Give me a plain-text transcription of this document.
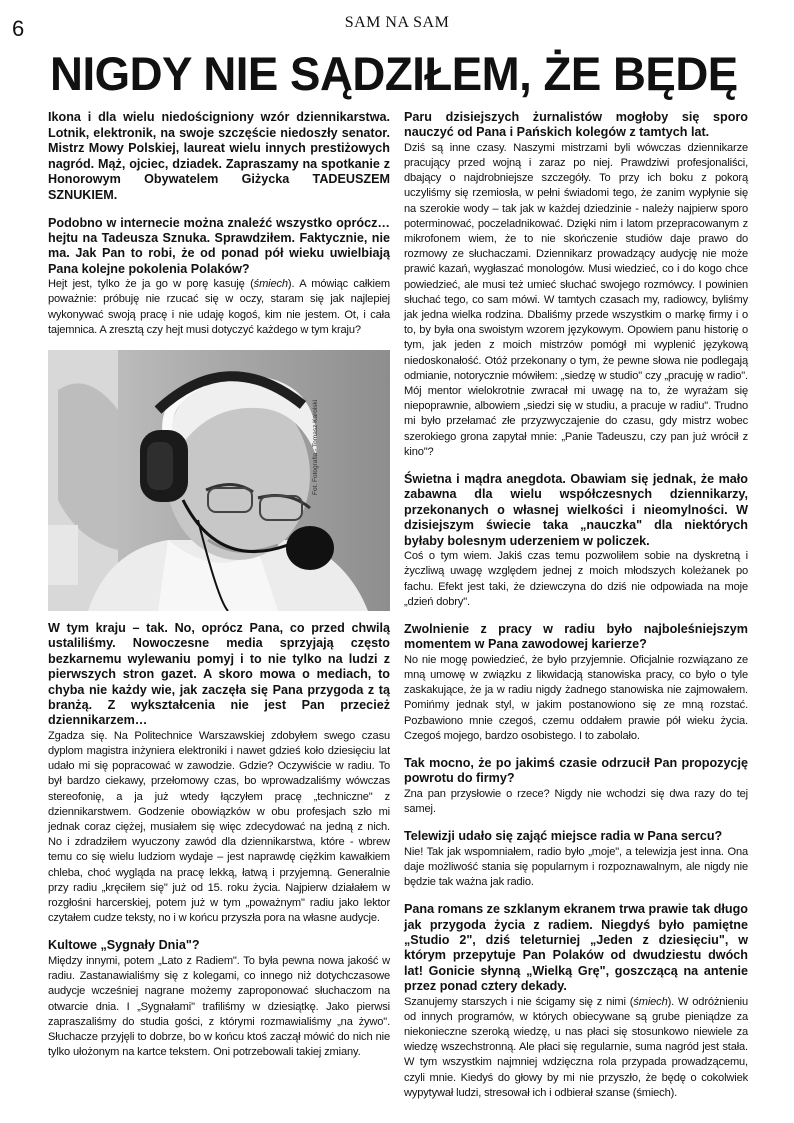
6	SAM NA SAM
NIGDY NIE SĄDZIŁEM, ŻE BĘDĘ

Ikona i dla wielu niedościgniony wzór dziennikarstwa. Lotnik, elektronik, na swoje szczęście niedoszły senator. Mistrz Mowy Polskiej, laureat wielu innych prestiżowych nagród. Mąż, ojciec, dziadek. Zapraszamy na spotkanie z Honorowym Obywatelem Giżycka TADEUSZEM SZNUKIEM.

Podobno w internecie można znaleźć wszystko oprócz… hejtu na Tadeusza Sznuka. Sprawdziłem. Faktycznie, nie ma. Jak Pan to robi, że od ponad pół wieku uwielbiają Pana kolejne pokolenia Polaków?

Hejt jest, tylko że ja go w porę kasuję (śmiech). A mówiąc całkiem poważnie: próbuję nie rzucać się w oczy, staram się jak najlepiej wykonywać swoją pracę i nie udaję kogoś, kim nie jestem. Ot, i cała tajemnica. A zresztą czy hejt musi dotyczyć każdego w tym kraju?

Fot. Fotografia - Tomasz Karolski

W tym kraju – tak. No, oprócz Pana, co przed chwilą ustaliliśmy. Nowoczesne media sprzyjają często bezkarnemu wylewaniu pomyj i to nie tylko na ludzi z pierwszych stron gazet. A skoro mowa o mediach, to chyba nie każdy wie, jak zaczęła się Pana przygoda z tą branżą. Z wykształcenia nie jest Pan przecież dziennikarzem…

Zgadza się. Na Politechnice Warszawskiej zdobyłem swego czasu dyplom magistra inżyniera elektroniki i nawet gdzieś koło dziesięciu lat udało mi się popracować w zawodzie. Gdzie? Oczywiście w radiu. To był bardzo ciekawy, przełomowy czas, bo wprowadzaliśmy wówczas stereofonię, a ja już wtedy łączyłem pracę „techniczne" z dziennikarstwem. Godzenie obowiązków w obu profesjach szło mi jednak coraz ciężej, musiałem się więc zdecydować na jedną z nich. No i zdradziłem wyuczony zawód dla dziennikarstwa, które - wbrew temu co się wielu ludziom wydaje – jest naprawdę ciężkim kawałkiem chleba, choć wygląda na pracę lekką, łatwą i przyjemną. Generalnie przy radiu „kręciłem się" już od 15. roku życia. Najpierw działałem w rozgłośni harcerskiej, potem już w tym „poważnym" radiu jako lektor czytałem cudze teksty, no i w końcu przyszła pora na własne audycje.

Kultowe „Sygnały Dnia"?

Między innymi, potem „Lato z Radiem". To była pewna nowa jakość w radiu. Zastanawialiśmy się z kolegami, co innego niż dotychczasowe audycje wcześniej nagrane możemy zaproponować słuchaczom na otwarcie dnia. I „Sygnałami" trafiliśmy w dziesiątkę. Jako pierwsi zapraszaliśmy do studia gości, z którymi rozmawialiśmy „na żywo". Słuchacze przyjęli to dobrze, bo w końcu ktoś zaczął mówić do nich nie tylko ułożonym na kartce tekstem. Oni potrzebowali takiej zmiany.

Paru dzisiejszych żurnalistów mogłoby się sporo nauczyć od Pana i Pańskich kolegów z tamtych lat.

Dziś są inne czasy. Naszymi mistrzami byli wówczas dziennikarze pracujący przed wojną i zaraz po niej. Prawdziwi profesjonaliści, dbający o najdrobniejsze szczegóły. To przy ich boku z pokorą uczyliśmy się rzemiosła, w pełni świadomi tego, że zanim wypłynie się na szerokie wody – tak jak w każdej dziedzinie - należy najpierw sporo poterminować, poczeladnikować. Dzięki nim i latom przepracowanym z mikrofonem wiem, że to nie skończenie studiów daje prawo do rozmowy ze słuchaczami. Dziennikarz prowadzący audycję nie może prawić kazań, wygłaszać monologów. Musi wiedzieć, co i do kogo chce powiedzieć, ale musi też umieć słuchać swojego rozmówcy. I powinien słuchać tego, co sam mówi. W tamtych czasach my, radiowcy, byliśmy jak jedna wielka rodzina. Dbaliśmy przede wszystkim o markę firmy i o to, by była ona swoistym wzorem językowym. Opowiem panu historię o tym, jak jeden z moich mistrzów pomógł mi wyplenić językową niedoskonałość. Otóż przekonany o tym, że pewne słowa nie podlegają odmianie, notorycznie mówiłem: „siedzę w studio" czy „pracuję w radio". Mój mentor wielokrotnie zwracał mi uwagę na to, że wyrażam się niepoprawnie, albowiem „siedzi się w studiu, a pracuje w radiu". Trudno mi było przełamać złe przyzwyczajenie do czasu, gdy mistrz wobec szerokiego grona zapytał mnie: „Panie Tadeuszu, czy pan już wrócił z kino"?

Świetna i mądra anegdota. Obawiam się jednak, że mało zabawna dla wielu współczesnych dziennikarzy, przekonanych o własnej wielkości i nieomylności. W dzisiejszym świecie taka „nauczka" dla niektórych byłaby bolesnym uderzeniem w policzek.

Coś o tym wiem. Jakiś czas temu pozwoliłem sobie na dyskretną i życzliwą uwagę względem jednej z moich młodszych koleżanek po fachu. Efekt jest taki, że dziewczyna do dziś nie odpowiada na moje „dzień dobry".

Zwolnienie z pracy w radiu było najboleśniejszym momentem w Pana zawodowej karierze?

No nie mogę powiedzieć, że było przyjemnie. Oficjalnie rozwiązano ze mną umowę w związku z likwidacją stanowiska pracy, co było o tyle zaskakujące, że ja w radiu nigdy żadnego stanowiska nie zajmowałem. Pomińmy jednak styl, w jakim postanowiono się ze mną rozstać. Pozbawiono mnie czegoś, czemu oddałem prawie pół wieku życia. Czegoś mojego, bardzo osobistego. I to zabolało.

Tak mocno, że po jakimś czasie odrzucił Pan propozycję powrotu do firmy?

Zna pan przysłowie o rzece? Nigdy nie wchodzi się dwa razy do tej samej.

Telewizji udało się zająć miejsce radia w Pana sercu?

Nie! Tak jak wspomniałem, radio było „moje", a telewizja jest inna. Ona daje możliwość stania się popularnym i rozpoznawalnym, ale nigdy nie będzie tak ważna jak radio.

Pana romans ze szklanym ekranem trwa prawie tak długo jak przygoda życia z radiem. Niegdyś było pamiętne „Studio 2", dziś teleturniej „Jeden z dziesięciu", w którym przepytuje Pan Polaków od dwudziestu dwóch lat! Gonicie słynną „Wielką Grę", goszczącą na antenie przez ponad cztery dekady.

Szanujemy starszych i nie ścigamy się z nimi (śmiech). W odróżnieniu od innych programów, w których obiecywane są grube pieniądze za niekonieczne szeroką wiedzę, u nas płaci się stosunkowo niewiele za wiedzę wszechstronną. Ale płaci się regularnie, suma nagród jest stała. W tym wszystkim najmniej wdzięczna rola przypada prowadzącemu, czyli mnie. Kiedyś do głowy by mi nie przyszło, że będę o cokolwiek wypytywał ludzi, stresował ich i odbierał szanse (śmiech).
